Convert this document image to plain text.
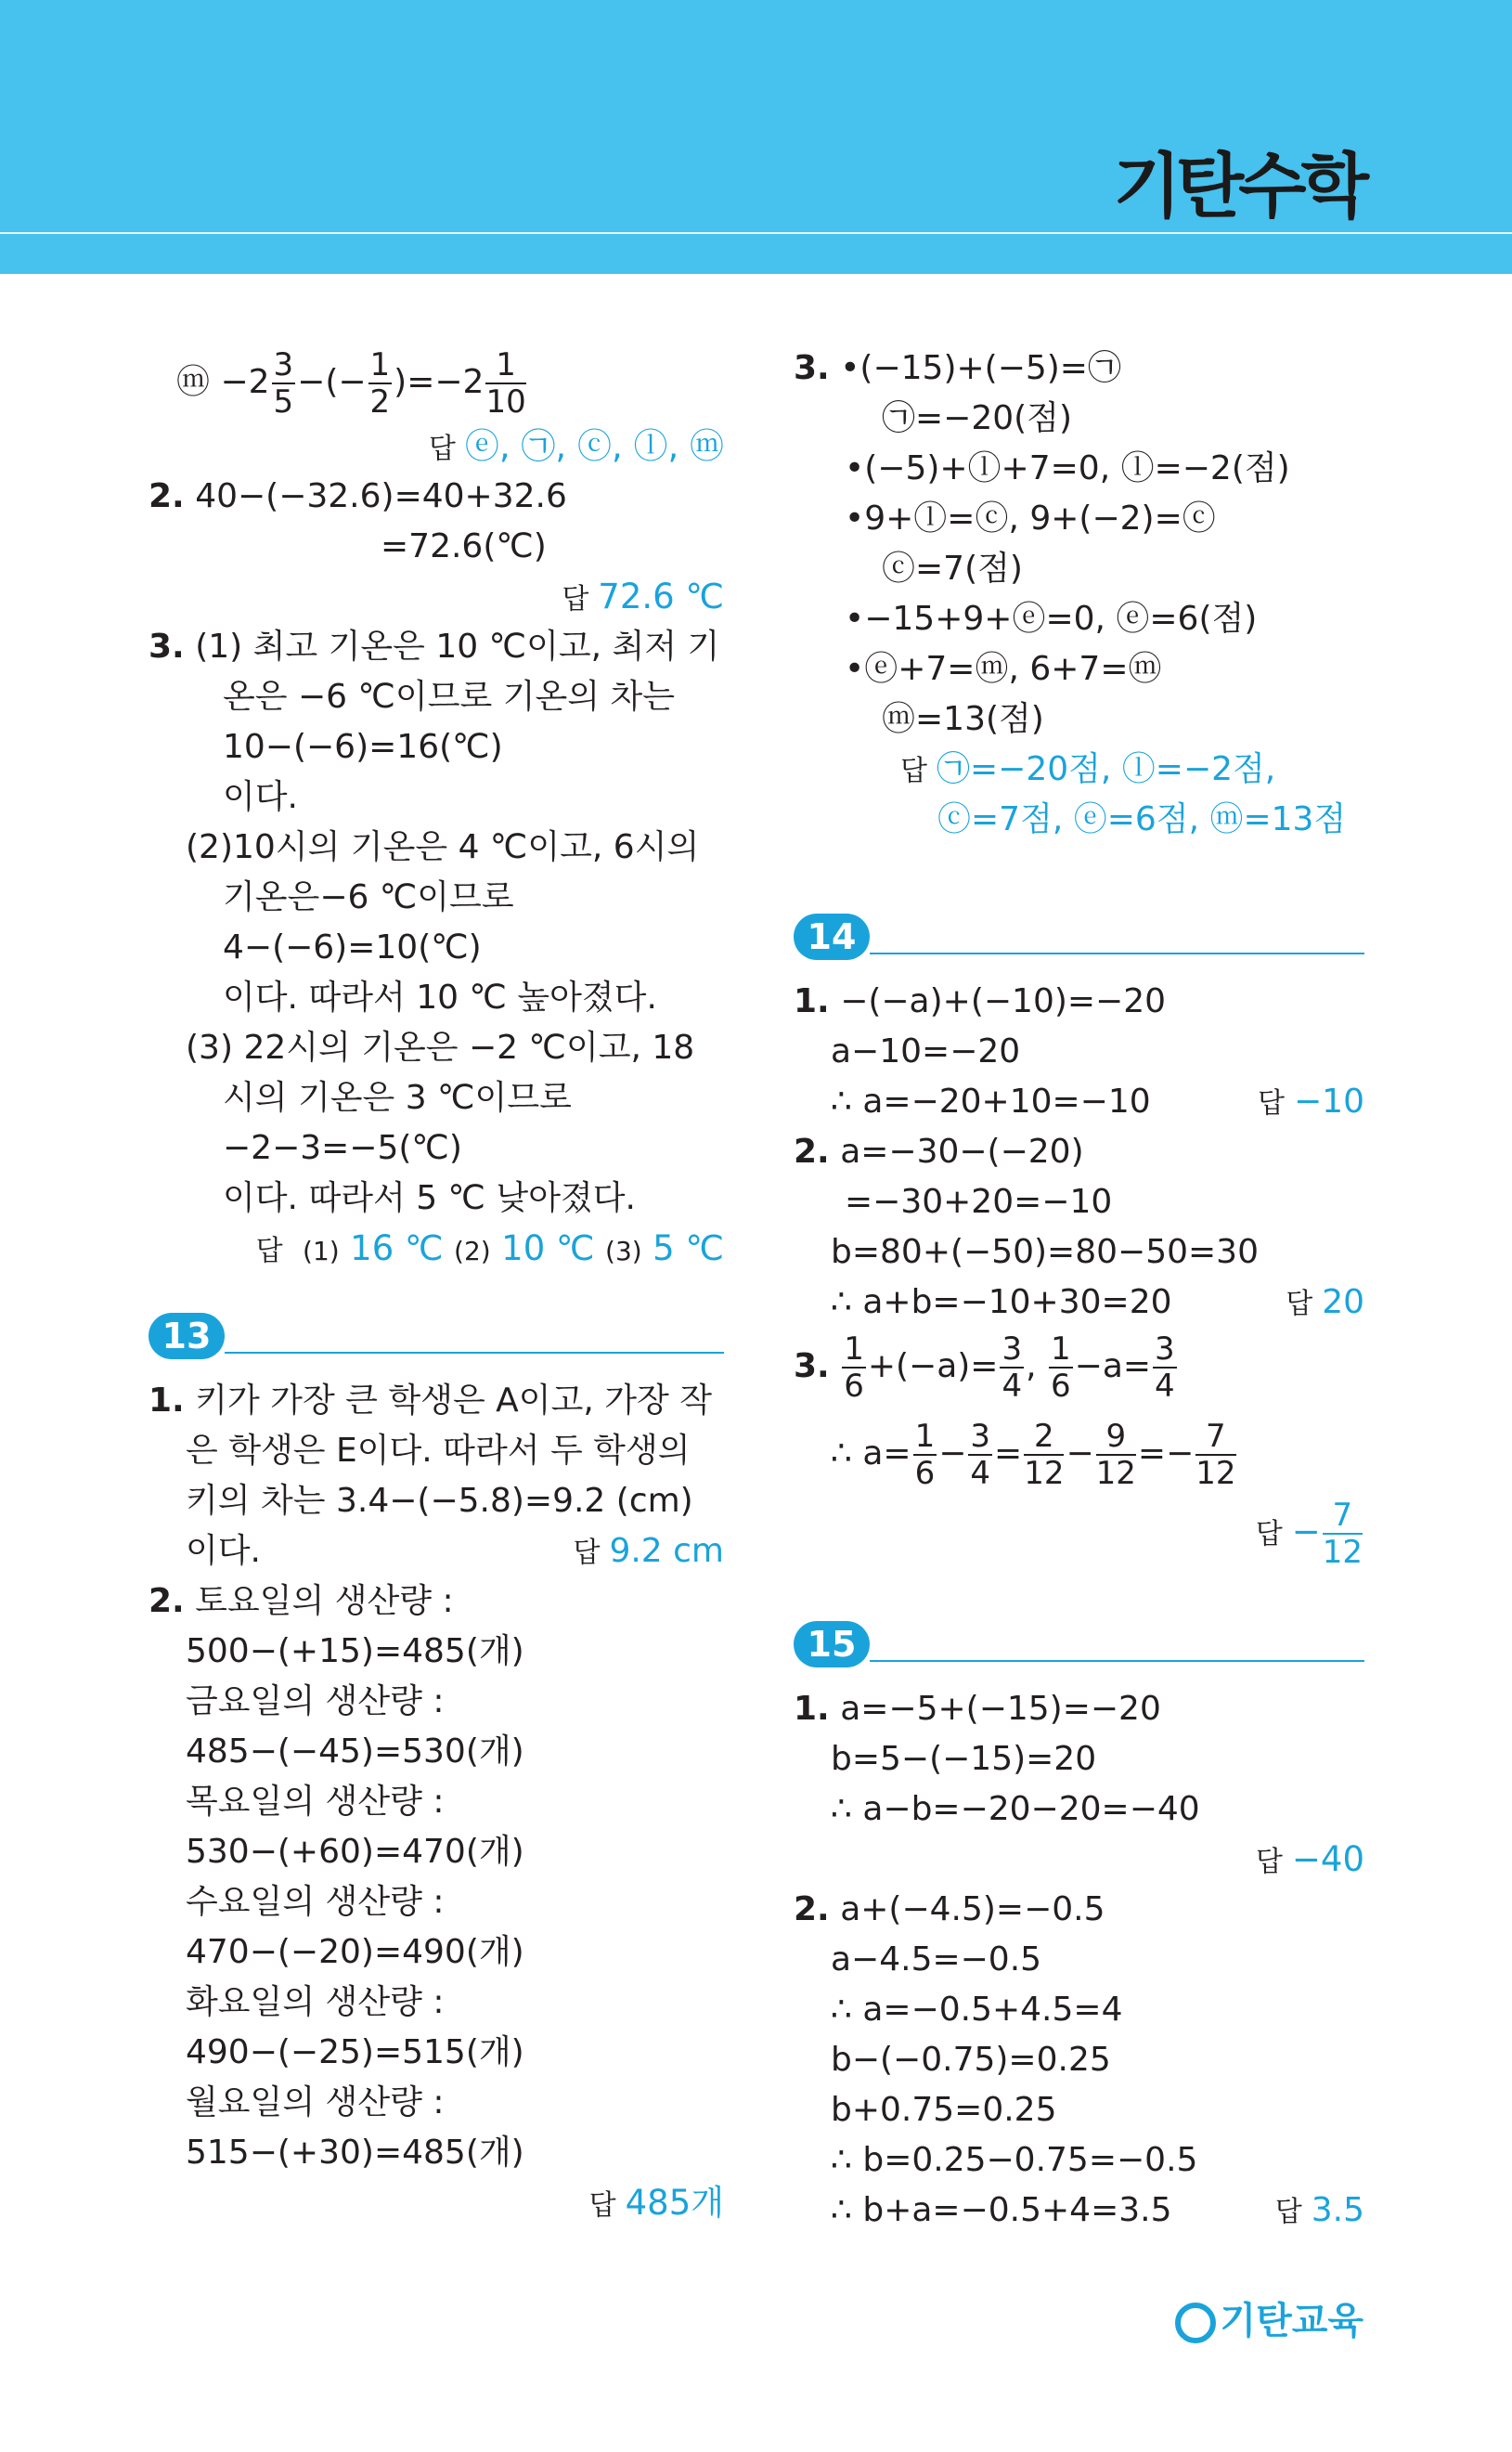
기탄수학
ⓜ $-2 \frac{3}{5}$ −(− $\frac{1}{2} )=-2 \frac{1}{10}$
답 ⓔ, ㉠, ⓒ, ⓛ, ⓜ
2. 40−(−32.6)=40+32.6
=72.6(℃)
답 72.6 ℃
3. (1) 최고 기온은 10 ℃이고, 최저 기
온은 −6 ℃이므로 기온의 차는
10−(−6)=16(℃)
이다.
(2)10시의 기온은 4 ℃이고, 6시의
기온은−6 ℃이므로
4−(−6)=10(℃)
이다. 따라서 10 ℃ 높아졌다.
(3) 22시의 기온은 −2 ℃이고, 18
시의 기온은 3 ℃이므로
−2−3=−5(℃)
이다. 따라서 5 ℃ 낮아졌다.
답 (1) 16 ℃ (2) 10 ℃ (3) 5 ℃
13
1. 키가 가장 큰 학생은 A이고, 가장 작
은 학생은 E이다. 따라서 두 학생의
키의 차는 3.4−(−5.8)=9.2 (cm)
이다.	답 9.2 cm
2. 토요일의 생산량 :
500−(+15)=485(개)
금요일의 생산량 :
485−(−45)=530(개)
목요일의 생산량 :
530−(+60)=470(개)
수요일의 생산량 :
470−(−20)=490(개)
화요일의 생산량 :
490−(−25)=515(개)
월요일의 생산량 :
515−(+30)=485(개)
답 485개
3. •(−15)+(−5)=㉠
㉠=−20(점)
•(−5)+ⓛ+7=0, ⓛ=−2(점)
•9+ⓛ=ⓒ, 9+(−2)=ⓒ
ⓒ=7(점)
•−15+9+ⓔ=0, ⓔ=6(점)
•ⓔ+7=ⓜ, 6+7=ⓜ
ⓜ=13(점)
답 ㉠=−20점, ⓛ=−2점,
ⓒ=7점, ⓔ=6점, ⓜ=13점
14
1. −(−a)+(−10)=−20
a−10=−20
∴ a=−20+10=−10	답 −10
2. a=−30−(−20)
=−30+20=−10
b=80+(−50)=80−50=30
∴ a+b=−10+30=20	답 20
3. $\frac{1}{6} +(-a)= \frac{3}{4}$ , $\frac{1}{6} -a= \frac{3}{4}$
∴ $a= \frac{1}{6} - \frac{3}{4} = \frac{2}{12} - \frac{9}{12} =- \frac{7}{12}$
답 − $\frac{7}{12}$
15
1. a=−5+(−15)=−20
b=5−(−15)=20
∴ a−b=−20−20=−40
답 −40
2. a+(−4.5)=−0.5
a−4.5=−0.5
∴ a=−0.5+4.5=4
b−(−0.75)=0.25
b+0.75=0.25
∴ b=0.25−0.75=−0.5
∴ b+a=−0.5+4=3.5	답 3.5
기탄교육
